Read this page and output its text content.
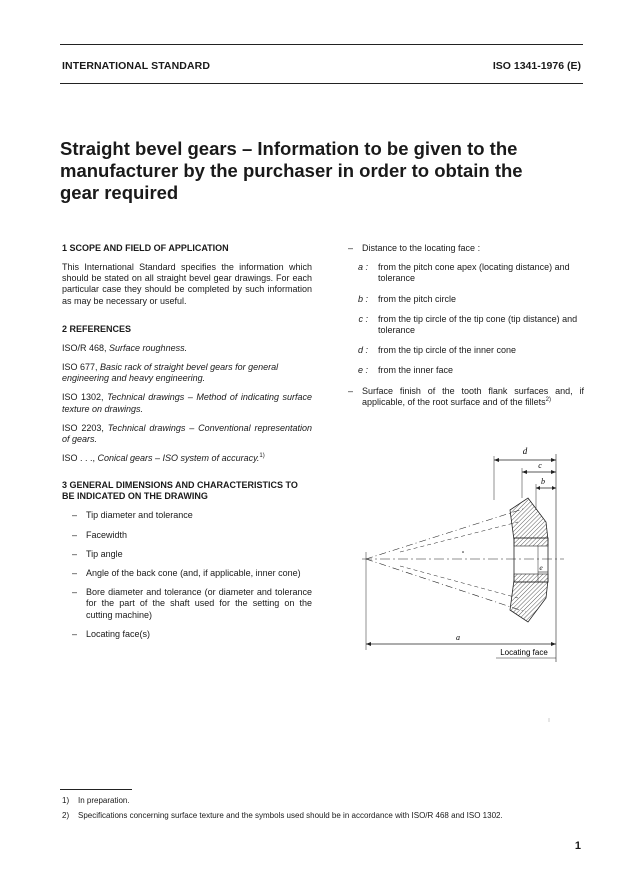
INTERNATIONAL STANDARD	ISO 1341-1976 (E)
Straight bevel gears – Information to be given to the manufacturer by the purchaser in order to obtain the gear required
1 SCOPE AND FIELD OF APPLICATION

This International Standard specifies the information which should be stated on all straight bevel gear drawings. For each particular case they should be completed by such information as may be necessary or useful.

2 REFERENCES

ISO/R 468, Surface roughness.

ISO 677, Basic rack of straight bevel gears for general engineering and heavy engineering.

ISO 1302, Technical drawings – Method of indicating surface texture on drawings.

ISO 2203, Technical drawings – Conventional representation of gears.

ISO . . ., Conical gears – ISO system of accuracy.$^{1)}$

3 GENERAL DIMENSIONS AND CHARACTERISTICS TO BE INDICATED ON THE DRAWING
– Tip diameter and tolerance
– Facewidth
– Tip angle
– Angle of the back cone (and, if applicable, inner cone)
– Bore diameter and tolerance (or diameter and tolerance for the part of the shaft used for the setting on the cutting machine)
– Locating face(s)
– Distance to the locating face :
a :	from the pitch cone apex (locating distance) and tolerance
b :	from the pitch circle
c :	from the tip circle of the tip cone (tip distance) and tolerance
d :	from the tip circle of the inner cone
e :	from the inner face
– Surface finish of the tooth flank surfaces and, if applicable, of the root surface and of the fillets$^{2)}$
d
c
b
e
a
Locating face
1) In preparation.
2) Specifications concerning surface texture and the symbols used should be in accordance with ISO/R 468 and ISO 1302.
1
